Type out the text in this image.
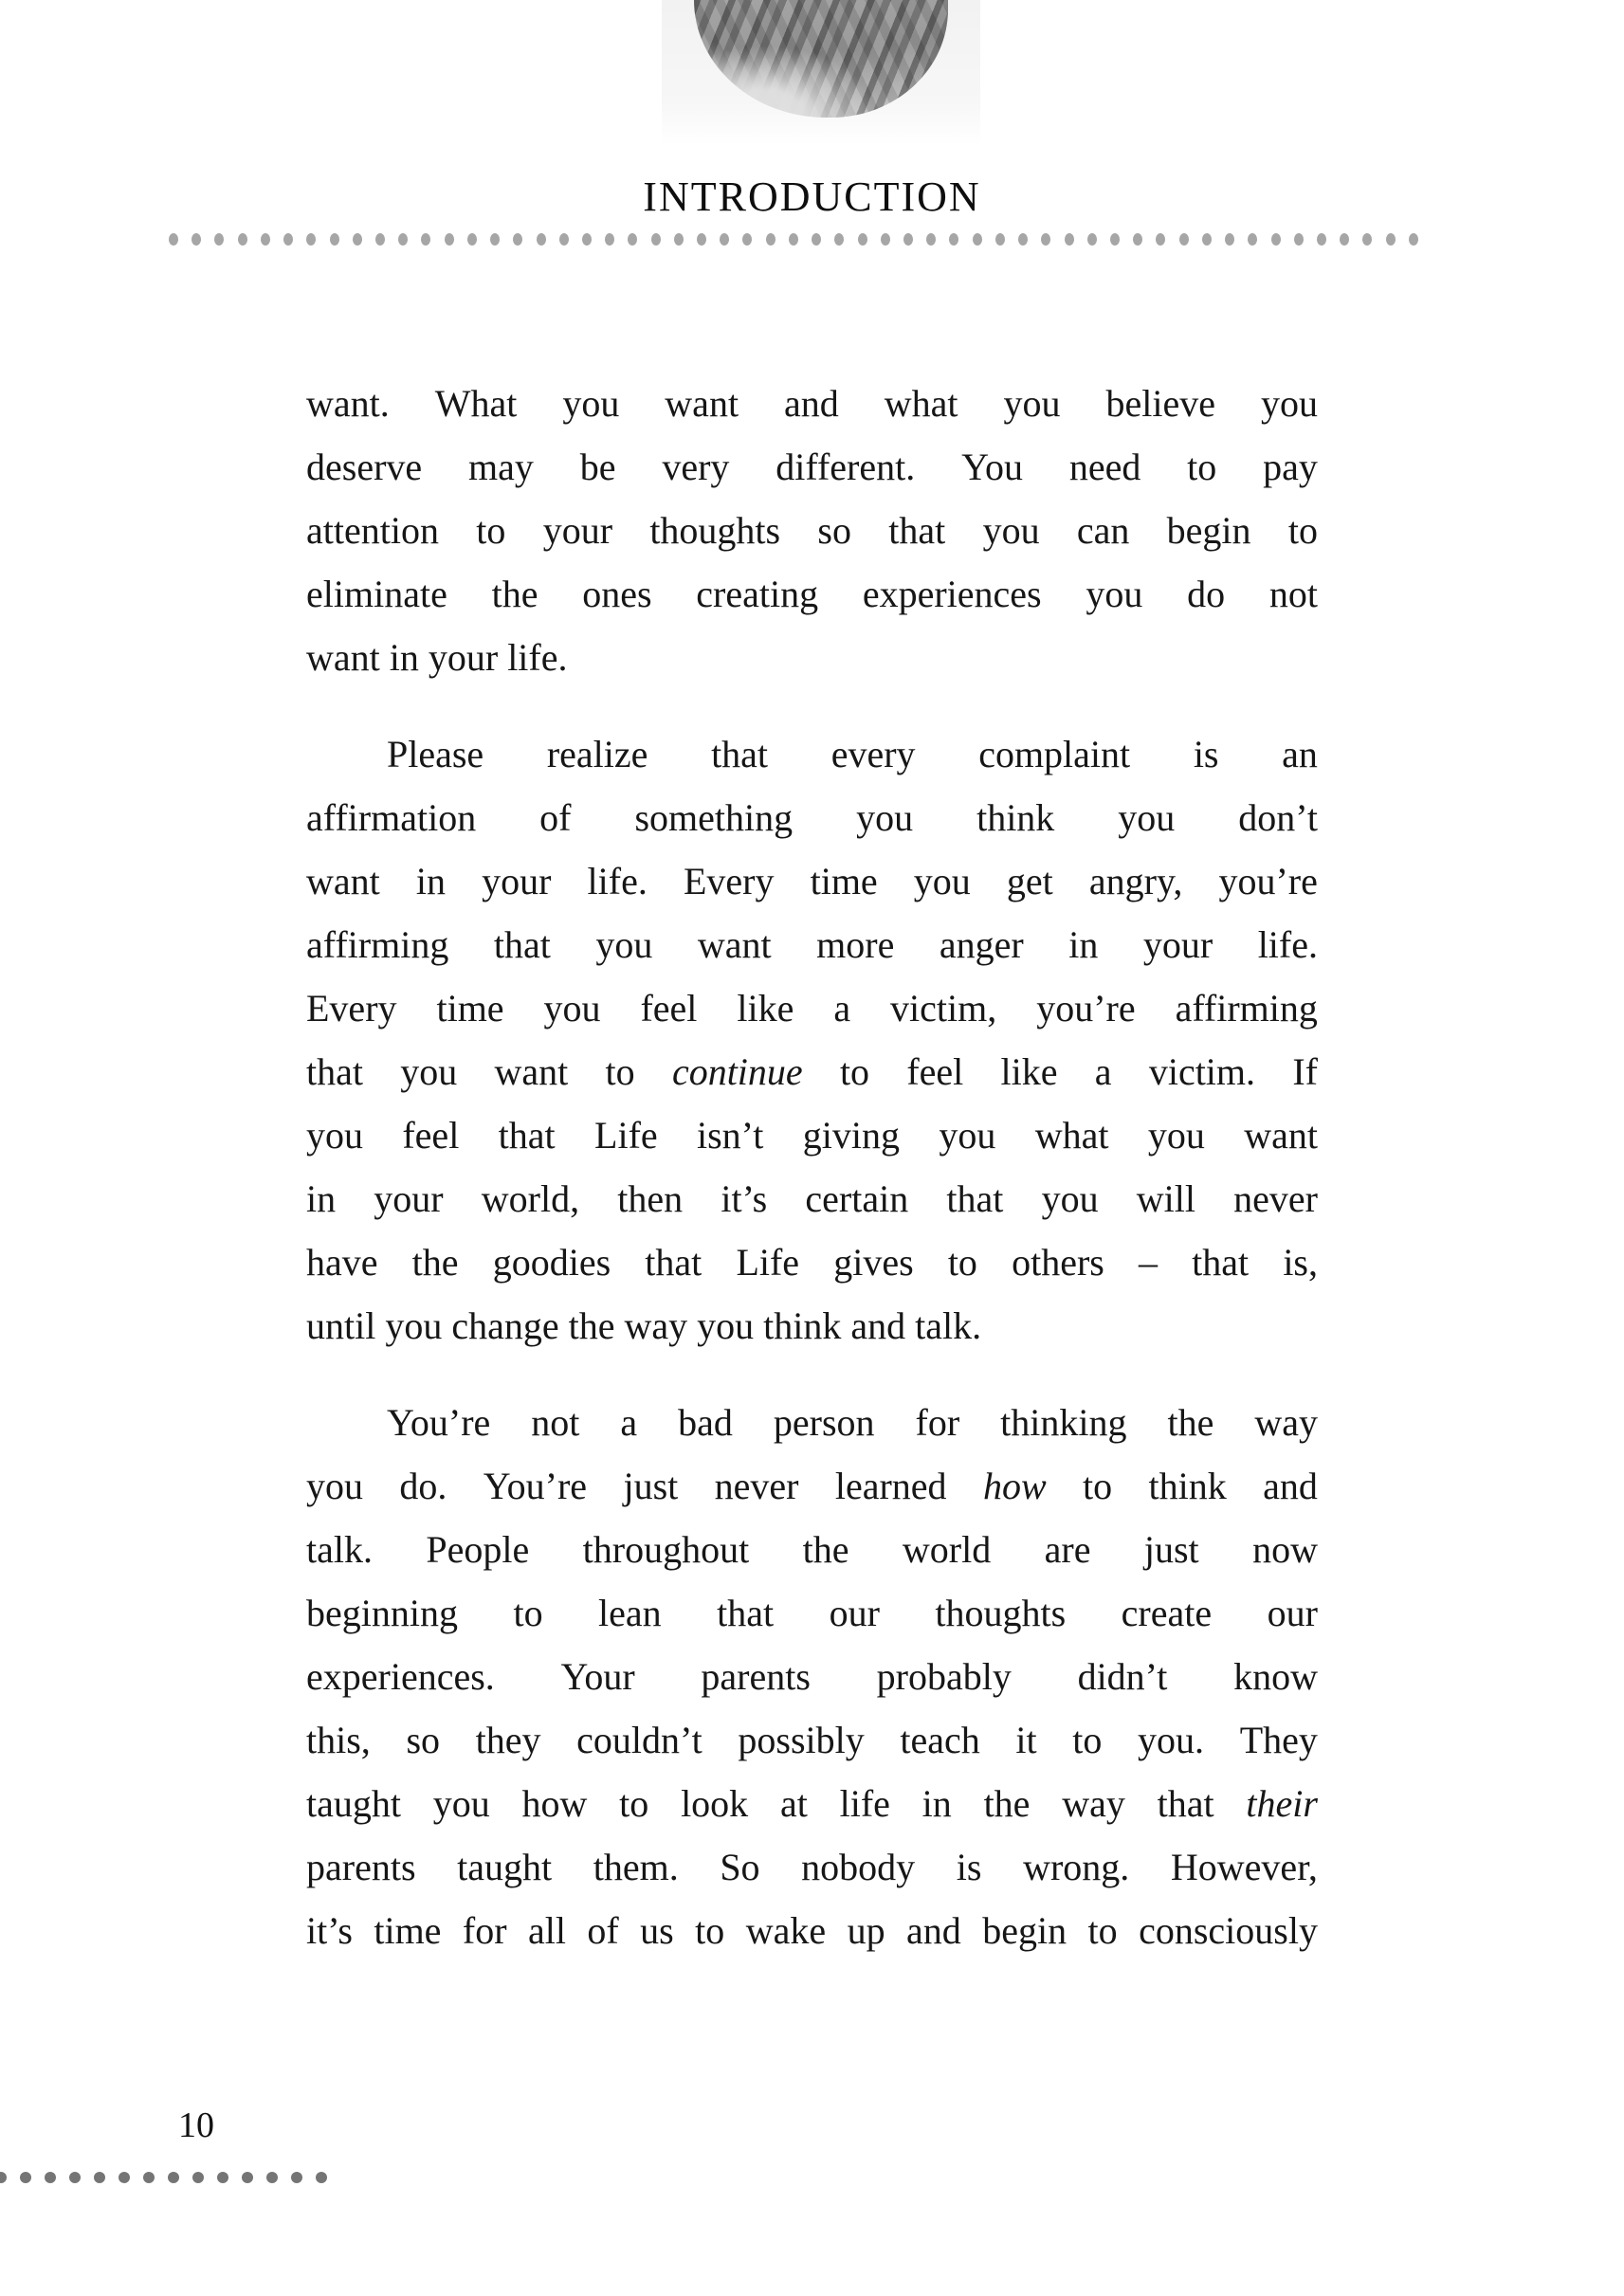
INTRODUCTION
want. What you want and what you believe you
deserve may be very different. You need to pay
attention to your thoughts so that you can begin to
eliminate the ones creating experiences you do not
want in your life.
Please realize that every complaint is an
affirmation of something you think you don’t
want in your life. Every time you get angry, you’re
affirming that you want more anger in your life.
Every time you feel like a victim, you’re affirming
that you want to continue to feel like a victim. If
you feel that Life isn’t giving you what you want
in your world, then it’s certain that you will never
have the goodies that Life gives to others – that is,
until you change the way you think and talk.
You’re not a bad person for thinking the way
you do. You’re just never learned how to think and
talk. People throughout the world are just now
beginning to lean that our thoughts create our
experiences. Your parents probably didn’t know
this, so they couldn’t possibly teach it to you. They
taught you how to look at life in the way that their
parents taught them. So nobody is wrong. However,
it’s time for all of us to wake up and begin to consciously
10
